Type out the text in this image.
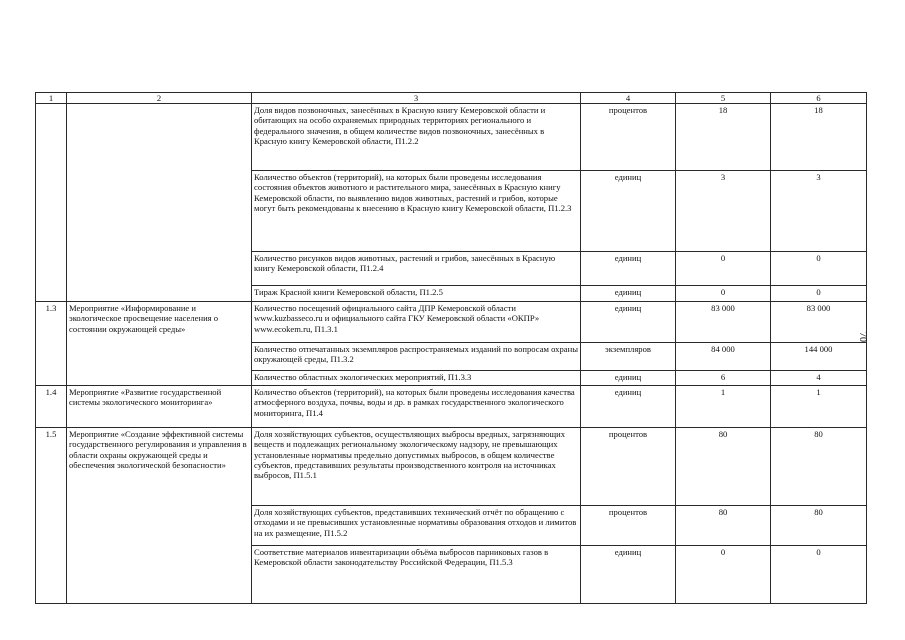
70
1	2	3	4	5	6
		Доля видов позвоночных, занесённых в Красную книгу Кемеровской области и обитающих на особо охраняемых природных территориях регионального и федерального значения, в общем количестве видов позвоночных, занесённых в Красную книгу Кемеровской области, П1.2.2	процентов	18	18
		Количество объектов (территорий), на которых были проведены исследования состояния объектов животного и растительного мира, занесённых в Красную книгу Кемеровской области, по выявлению видов животных, растений и грибов, которые могут быть рекомендованы к внесению в Красную книгу Кемеровской области, П1.2.3	единиц	3	3
		Количество рисунков видов животных, растений и грибов, занесённых в Красную книгу Кемеровской области, П1.2.4	единиц	0	0
		Тираж Красной книги Кемеровской области, П1.2.5	единиц	0	0
1.3	Мероприятие «Информирование и экологическое просвещение населения о состоянии окружающей среды»	Количество посещений официального сайта ДПР Кемеровской области www.kuzbasseco.ru и официального сайта ГКУ Кемеровской области «ОКПР» www.ecokem.ru, П1.3.1	единиц	83 000	83 000
		Количество отпечатанных экземпляров распространяемых изданий по вопросам охраны окружающей среды, П1.3.2	экземпляров	84 000	144 000
		Количество областных экологических мероприятий, П1.3.3	единиц	6	4
1.4	Мероприятие «Развитие государственной системы экологического мониторинга»	Количество объектов (территорий), на которых были проведены исследования качества атмосферного воздуха, почвы, воды и др. в рамках государственного экологического мониторинга, П1.4	единиц	1	1
1.5	Мероприятие «Создание эффективной системы государственного регулирования и управления в области охраны окружающей среды и обеспечения экологической безопасности»	Доля хозяйствующих субъектов, осуществляющих выбросы вредных, загрязняющих веществ и подлежащих региональному экологическому надзору, не превышающих установленные нормативы предельно допустимых выбросов, в общем количестве субъектов, представивших результаты производственного контроля на источниках выбросов, П1.5.1	процентов	80	80
		Доля хозяйствующих субъектов, представивших технический отчёт по обращению с отходами и не превысивших установленные нормативы образования отходов и лимитов на их размещение, П1.5.2	процентов	80	80
		Соответствие материалов инвентаризации объёма выбросов парниковых газов в Кемеровской области законодательству Российской Федерации, П1.5.3	единиц	0	0
